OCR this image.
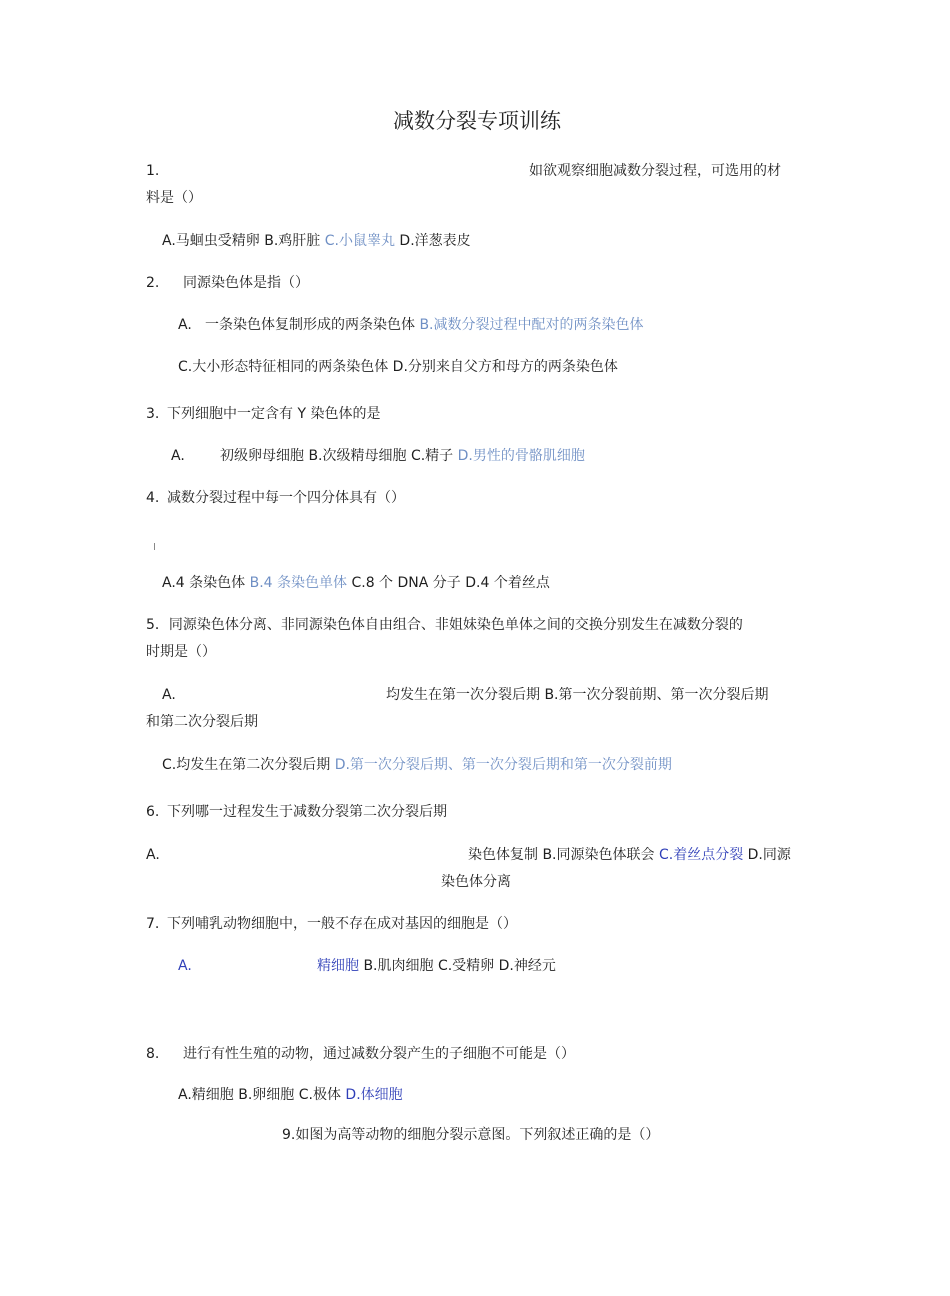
减数分裂专项训练
1.	如欲观察细胞减数分裂过程，可选用的材
料是（）
A.马蛔虫受精卵 B.鸡肝脏 C.小鼠睾丸 D.洋葱表皮
2. 同源染色体是指（）
A. 一条染色体复制形成的两条染色体 B.减数分裂过程中配对的两条染色体
C.大小形态特征相同的两条染色体 D.分别来自父方和母方的两条染色体
3. 下列细胞中一定含有 Y 染色体的是
A.	初级卵母细胞 B.次级精母细胞 C.精子 D.男性的骨骼肌细胞
4. 减数分裂过程中每一个四分体具有（）
A.4 条染色体 B.4 条染色单体 C.8 个 DNA 分子 D.4 个着丝点
5．同源染色体分离、非同源染色体自由组合、非姐妹染色单体之间的交换分别发生在减数分裂的
时期是（）
A.	均发生在第一次分裂后期 B.第一次分裂前期、第一次分裂后期
和第二次分裂后期
C.均发生在第二次分裂后期 D.第一次分裂后期、第一次分裂后期和第一次分裂前期
6. 下列哪一过程发生于减数分裂第二次分裂后期
A.	染色体复制 B.同源染色体联会 C.着丝点分裂 D.同源
染色体分离
7. 下列哺乳动物细胞中，一般不存在成对基因的细胞是（）
A.	精细胞 B.肌肉细胞 C.受精卵 D.神经元
8. 进行有性生殖的动物，通过减数分裂产生的子细胞不可能是（）
A.精细胞 B.卵细胞 C.极体 D.体细胞
9.如图为高等动物的细胞分裂示意图。下列叙述正确的是（）
